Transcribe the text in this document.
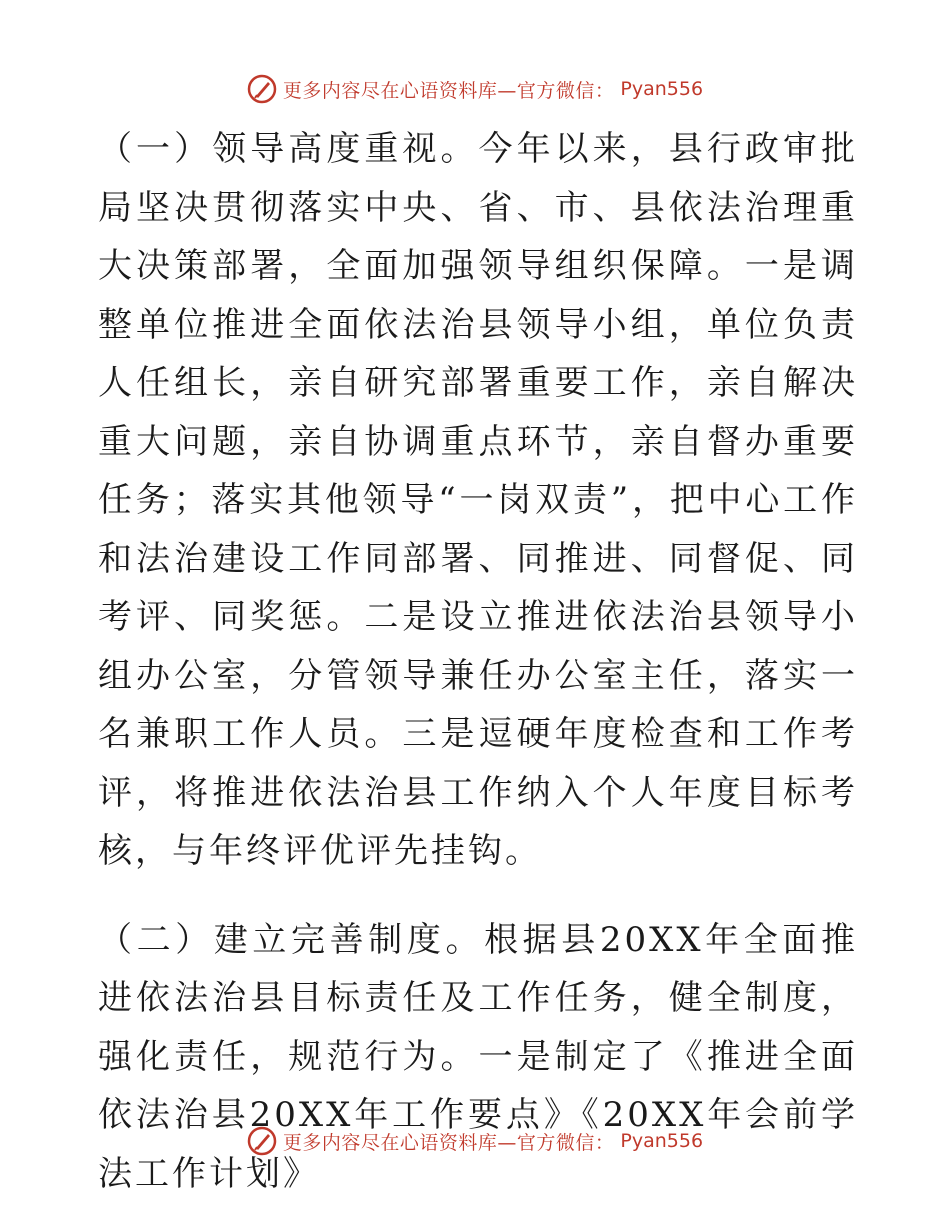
更多内容尽在心语资料库—官方微信： Pyan556

（一）领导高度重视。今年以来，县行政审批局坚决贯彻落实中央、省、市、县依法治理重大决策部署，全面加强领导组织保障。一是调整单位推进全面依法治县领导小组，单位负责人任组长，亲自研究部署重要工作，亲自解决重大问题，亲自协调重点环节，亲自督办重要任务；落实其他领导“一岗双责”，把中心工作和法治建设工作同部署、同推进、同督促、同考评、同奖惩。二是设立推进依法治县领导小组办公室，分管领导兼任办公室主任，落实一名兼职工作人员。三是逗硬年度检查和工作考评，将推进依法治县工作纳入个人年度目标考核，与年终评优评先挂钩。

（二）建立完善制度。根据县20XX年全面推进依法治县目标责任及工作任务，健全制度，强化责任，规范行为。一是制定了《推进全面依法治县20XX年工作要点》《20XX年会前学法工作计划》

更多内容尽在心语资料库—官方微信： Pyan556
